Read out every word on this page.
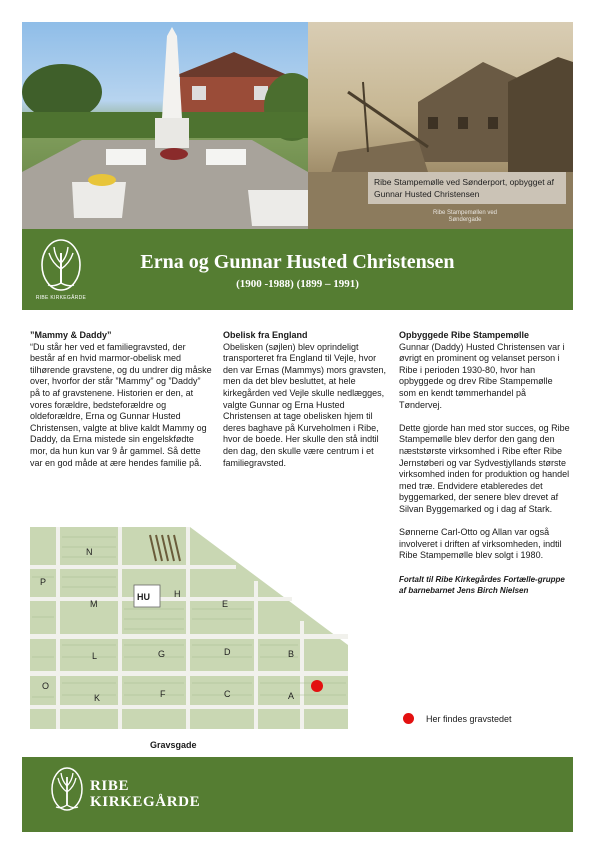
Ribe Stampemølle ved Sønderport, opbygget af Gunnar Husted Christensen
Ribe Stampemøllen ved Søndergade
RIBE KIRKEGÅRDE
Erna og Gunnar Husted Christensen
(1900 -1988) (1899 – 1991)
”Mammy & Daddy”

“Du står her ved et familiegravsted, der består af en hvid marmor-obelisk med tilhørende gravstene, og du undrer dig måske over, hvorfor der står ”Mammy” og ”Daddy” på to af gravstenene. Historien er den, at vores forældre, bedsteforældre og oldeforældre, Erna og Gunnar Husted Christensen, valgte at blive kaldt Mammy og Daddy, da Erna mistede sin engelskfødte mor, da hun kun var 9 år gammel. Så dette var en god måde at ære hendes familie på.

Obelisk fra England

Obelisken (søjlen) blev oprindeligt transporteret fra England til Vejle, hvor den var Ernas (Mammys) mors gravsten, men da det blev besluttet, at hele kirkegården ved Vejle skulle nedlægges, valgte Gunnar og Erna Husted Christensen at tage obelisken hjem til deres baghave på Kurveholmen i Ribe, hvor de boede. Her skulle den stå indtil den dag, den skulle være centrum i et familiegravsted.

Opbyggede Ribe Stampemølle

Gunnar (Daddy) Husted Christensen var i øvrigt en prominent og velanset person i Ribe i perioden 1930-80, hvor han opbyggede og drev Ribe Stampemølle som en kendt tømmerhandel på Tøndervej.

Dette gjorde han med stor succes, og Ribe Stampemølle blev derfor den gang den næststørste virksomhed i Ribe efter Ribe Jernstøberi og var Sydvestjyllands største virksomhed inden for produktion og handel med træ. Endvidere etableredes det byggemarked, der senere blev drevet af Silvan Byggemarked og i dag af Stark.

Sønnerne Carl-Otto og Allan var også involveret i driften af virksomheden, indtil Ribe Stampemølle blev solgt i 1980.

Fortalt til Ribe Kirkegårdes Fortælle-gruppe af barnebarnet Jens Birch Nielsen
Her findes gravstedet
N
P
M
HU	H
E
L	G	D	B
O
K	F	C	A
Gravsgade
RIBE
KIRKEGÅRDE
